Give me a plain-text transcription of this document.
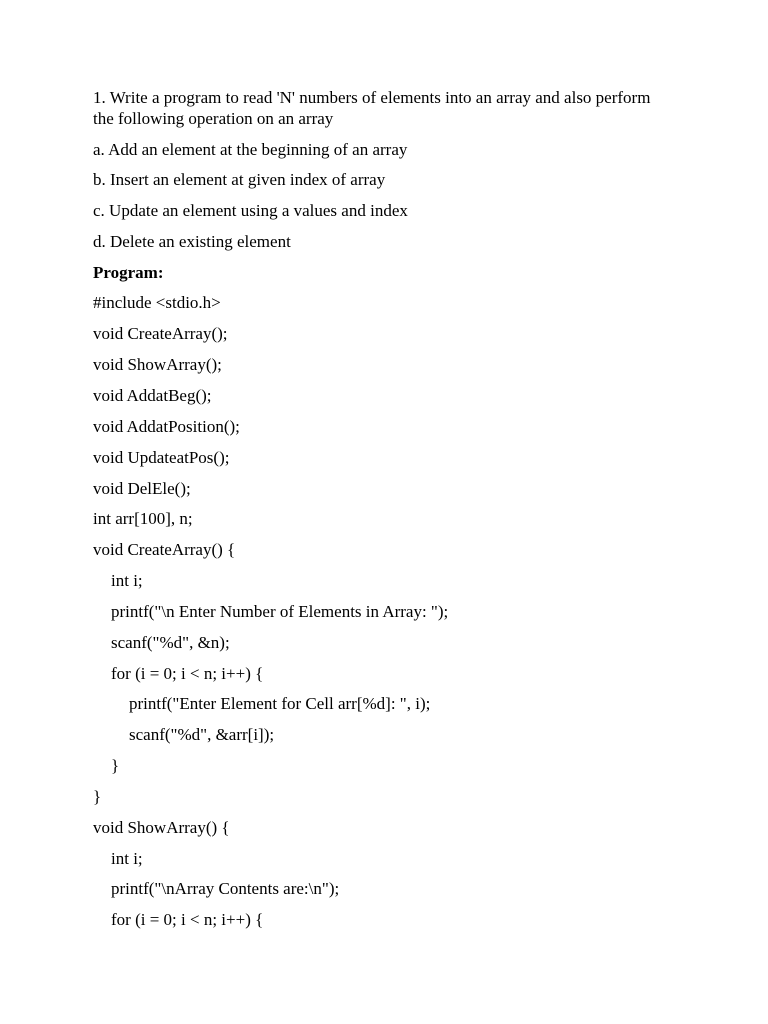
1. Write a program to read 'N' numbers of elements into an array and also perform
the following operation on an array

a. Add an element at the beginning of an array

b. Insert an element at given index of array

c. Update an element using a values and index

d. Delete an existing element

Program:

#include <stdio.h>

void CreateArray();

void ShowArray();

void AddatBeg();

void AddatPosition();

void UpdateatPos();

void DelEle();

int arr[100], n;

void CreateArray() {

int i;

printf("\n Enter Number of Elements in Array: ");

scanf("%d", &n);

for (i = 0; i < n; i++) {

printf("Enter Element for Cell arr[%d]: ", i);

scanf("%d", &arr[i]);

}

}

void ShowArray() {

int i;

printf("\nArray Contents are:\n");

for (i = 0; i < n; i++) {
